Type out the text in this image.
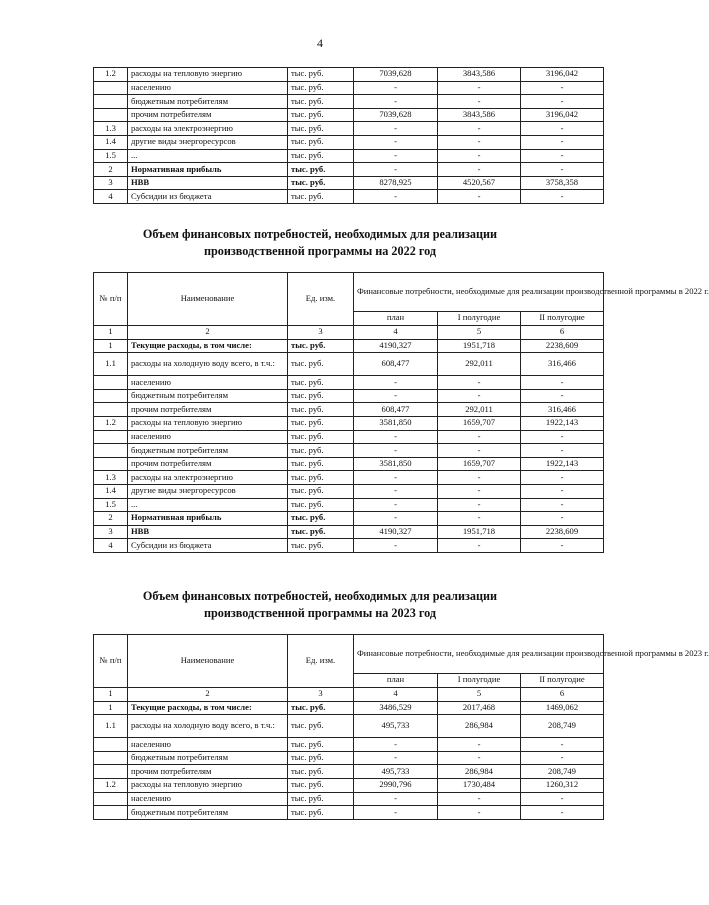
4
1.2	расходы на тепловую энергию	тыс. руб.	7039,628	3843,586	3196,042
	населению	тыс. руб.	-	-	-
	бюджетным потребителям	тыс. руб.	-	-	-
	прочим потребителям	тыс. руб.	7039,628	3843,586	3196,042
1.3	расходы на электроэнергию	тыс. руб.	-	-	-
1.4	другие виды энергоресурсов	тыс. руб.	-	-	-
1.5	...	тыс. руб.	-	-	-
2	Нормативная прибыль	тыс. руб.	-	-	-
3	НВВ	тыс. руб.	8278,925	4520,567	3758,358
4	Субсидии из бюджета	тыс. руб.	-	-	-
Объем финансовых потребностей, необходимых для реализации
производственной программы на 2022 год
№ п/п	Наименование	Ед. изм.	Финансовые потребности, необходимые для реализации производственной программы в 2022 г.		
			план	I полугодие	II полугодие
1	2	3	4	5	6
1	Текущие расходы, в том числе:	тыс. руб.	4190,327	1951,718	2238,609
1.1	расходы на холодную воду всего, в т.ч.:	тыс. руб.	608,477	292,011	316,466
	населению	тыс. руб.	-	-	-
	бюджетным потребителям	тыс. руб.	-	-	-
	прочим потребителям	тыс. руб.	608,477	292,011	316,466
1.2	расходы на тепловую энергию	тыс. руб.	3581,850	1659,707	1922,143
	населению	тыс. руб.	-	-	-
	бюджетным потребителям	тыс. руб.	-	-	-
	прочим потребителям	тыс. руб.	3581,850	1659,707	1922,143
1.3	расходы на электроэнергию	тыс. руб.	-	-	-
1.4	другие виды энергоресурсов	тыс. руб.	-	-	-
1.5	...	тыс. руб.	-	-	-
2	Нормативная прибыль	тыс. руб.	-	-	-
3	НВВ	тыс. руб.	4190,327	1951,718	2238,609
4	Субсидии из бюджета	тыс. руб.	-	-	-
Объем финансовых потребностей, необходимых для реализации
производственной программы на 2023 год
№ п/п	Наименование	Ед. изм.	Финансовые потребности, необходимые для реализации производственной программы в 2023 г.		
			план	I полугодие	II полугодие
1	2	3	4	5	6
1	Текущие расходы, в том числе:	тыс. руб.	3486,529	2017,468	1469,062
1.1	расходы на холодную воду всего, в т.ч.:	тыс. руб.	495,733	286,984	208,749
	населению	тыс. руб.	-	-	-
	бюджетным потребителям	тыс. руб.	-	-	-
	прочим потребителям	тыс. руб.	495,733	286,984	208,749
1.2	расходы на тепловую энергию	тыс. руб.	2990,796	1730,484	1260,312
	населению	тыс. руб.	-	-	-
	бюджетным потребителям	тыс. руб.	-	-	-
